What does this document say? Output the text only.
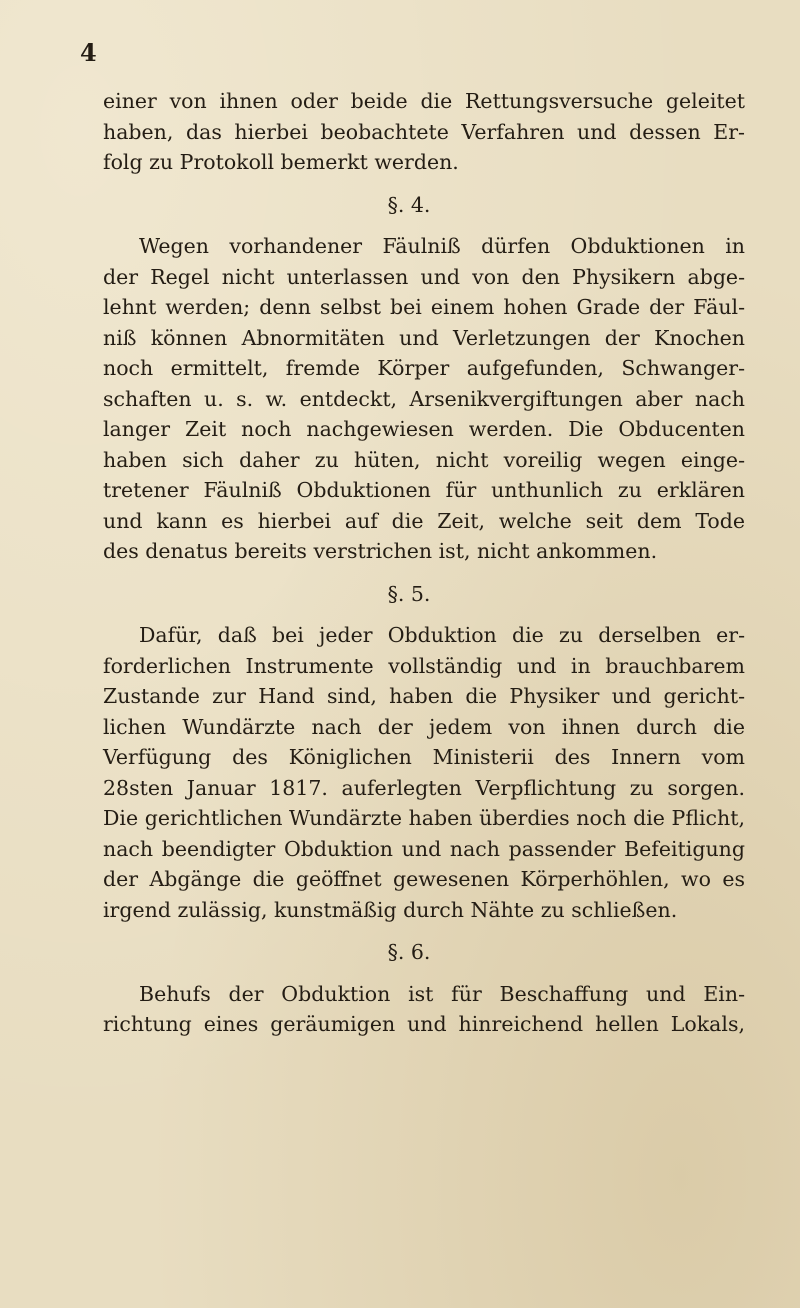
4

einer von ihnen oder beide die Rettungsversuche geleitet
haben, das hierbei beobachtete Verfahren und dessen Er-
folg zu Protokoll bemerkt werden.

§. 4.

Wegen vorhandener Fäulniß dürfen Obduktionen in
der Regel nicht unterlassen und von den Physikern abge-
lehnt werden; denn selbst bei einem hohen Grade der Fäul-
niß können Abnormitäten und Verletzungen der Knochen
noch ermittelt, fremde Körper aufgefunden, Schwanger-
schaften u. s. w. entdeckt, Arsenikvergiftungen aber nach
langer Zeit noch nachgewiesen werden. Die Obducenten
haben sich daher zu hüten, nicht voreilig wegen einge-
tretener Fäulniß Obduktionen für unthunlich zu erklären
und kann es hierbei auf die Zeit, welche seit dem Tode
des denatus bereits verstrichen ist, nicht ankommen.

§. 5.

Dafür, daß bei jeder Obduktion die zu derselben er-
forderlichen Instrumente vollständig und in brauchbarem
Zustande zur Hand sind, haben die Physiker und gericht-
lichen Wundärzte nach der jedem von ihnen durch die
Verfügung des Königlichen Ministerii des Innern vom
28sten Januar 1817. auferlegten Verpflichtung zu sorgen.
Die gerichtlichen Wundärzte haben überdies noch die Pflicht,
nach beendigter Obduktion und nach passender Befeitigung
der Abgänge die geöffnet gewesenen Körperhöhlen, wo es
irgend zulässig, kunstmäßig durch Nähte zu schließen.

§. 6.

Behufs der Obduktion ist für Beschaffung und Ein-
richtung eines geräumigen und hinreichend hellen Lokals,
